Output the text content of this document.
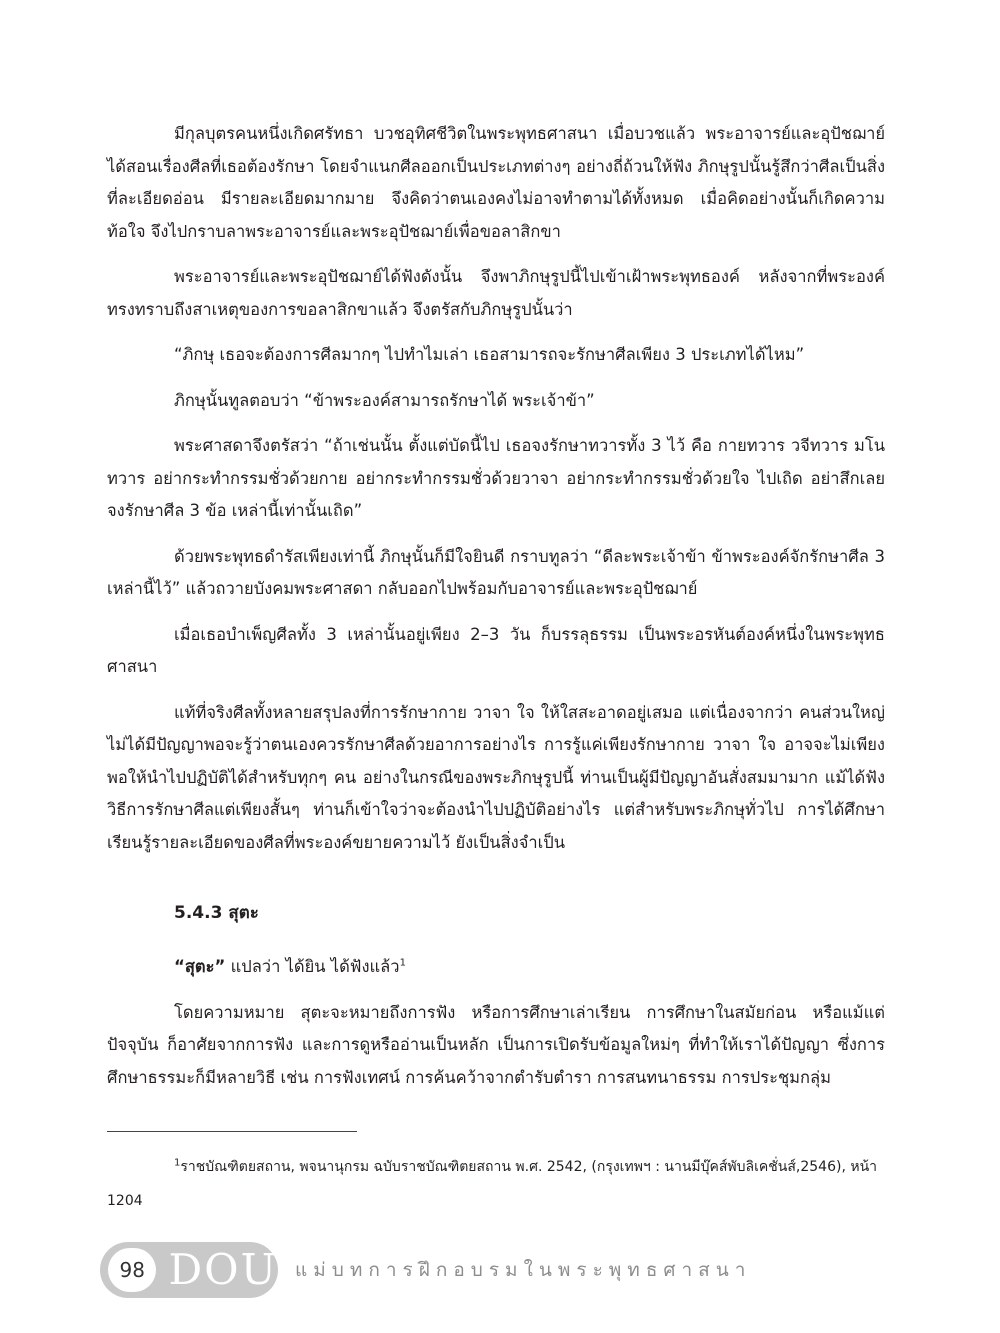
มีกุลบุตรคนหนึ่งเกิดศรัทธา บวชอุทิศชีวิตในพระพุทธศาสนา เมื่อบวชแล้ว พระอาจารย์และอุปัชฌาย์ได้สอนเรื่องศีลที่เธอต้องรักษา โดยจำแนกศีลออกเป็นประเภทต่างๆ อย่างถี่ถ้วนให้ฟัง ภิกษุรูปนั้นรู้สึกว่าศีลเป็นสิ่งที่ละเอียดอ่อน มีรายละเอียดมากมาย จึงคิดว่าตนเองคงไม่อาจทำตามได้ทั้งหมด เมื่อคิดอย่างนั้นก็เกิดความท้อใจ จึงไปกราบลาพระอาจารย์และพระอุปัชฌาย์เพื่อขอลาสิกขา

พระอาจารย์และพระอุปัชฌาย์ได้ฟังดังนั้น จึงพาภิกษุรูปนี้ไปเข้าเฝ้าพระพุทธองค์ หลังจากที่พระองค์ทรงทราบถึงสาเหตุของการขอลาสิกขาแล้ว จึงตรัสกับภิกษุรูปนั้นว่า

“ภิกษุ เธอจะต้องการศีลมากๆ ไปทำไมเล่า เธอสามารถจะรักษาศีลเพียง 3 ประเภทได้ไหม”

ภิกษุนั้นทูลตอบว่า “ข้าพระองค์สามารถรักษาได้ พระเจ้าข้า”

พระศาสดาจึงตรัสว่า “ถ้าเช่นนั้น ตั้งแต่บัดนี้ไป เธอจงรักษาทวารทั้ง 3 ไว้ คือ กายทวาร วจีทวาร มโนทวาร อย่ากระทำกรรมชั่วด้วยกาย อย่ากระทำกรรมชั่วด้วยวาจา อย่ากระทำกรรมชั่วด้วยใจ ไปเถิด อย่าสึกเลย จงรักษาศีล 3 ข้อ เหล่านี้เท่านั้นเถิด”

ด้วยพระพุทธดำรัสเพียงเท่านี้ ภิกษุนั้นก็มีใจยินดี กราบทูลว่า “ดีละพระเจ้าข้า ข้าพระองค์จักรักษาศีล 3 เหล่านี้ไว้” แล้วถวายบังคมพระศาสดา กลับออกไปพร้อมกับอาจารย์และพระอุปัชฌาย์

เมื่อเธอบำเพ็ญศีลทั้ง 3 เหล่านั้นอยู่เพียง 2–3 วัน ก็บรรลุธรรม เป็นพระอรหันต์องค์หนึ่งในพระพุทธศาสนา

แท้ที่จริงศีลทั้งหลายสรุปลงที่การรักษากาย วาจา ใจ ให้ใสสะอาดอยู่เสมอ แต่เนื่องจากว่า คนส่วนใหญ่ไม่ได้มีปัญญาพอจะรู้ว่าตนเองควรรักษาศีลด้วยอาการอย่างไร การรู้แค่เพียงรักษากาย วาจา ใจ อาจจะไม่เพียงพอให้นำไปปฏิบัติได้สำหรับทุกๆ คน อย่างในกรณีของพระภิกษุรูปนี้ ท่านเป็นผู้มีปัญญาอันสั่งสมมามาก แม้ได้ฟังวิธีการรักษาศีลแต่เพียงสั้นๆ ท่านก็เข้าใจว่าจะต้องนำไปปฏิบัติอย่างไร แต่สำหรับพระภิกษุทั่วไป การได้ศึกษาเรียนรู้รายละเอียดของศีลที่พระองค์ขยายความไว้ ยังเป็นสิ่งจำเป็น

5.4.3 สุตะ

“สุตะ” แปลว่า ได้ยิน ได้ฟังแล้ว$^1$

โดยความหมาย สุตะจะหมายถึงการฟัง หรือการศึกษาเล่าเรียน การศึกษาในสมัยก่อน หรือแม้แต่ปัจจุบัน ก็อาศัยจากการฟัง และการดูหรืออ่านเป็นหลัก เป็นการเปิดรับข้อมูลใหม่ๆ ที่ทำให้เราได้ปัญญา ซึ่งการศึกษาธรรมะก็มีหลายวิธี เช่น การฟังเทศน์ การค้นคว้าจากตำรับตำรา การสนทนาธรรม การประชุมกลุ่ม

$^1$ราชบัณฑิตยสถาน, พจนานุกรม ฉบับราชบัณฑิตยสถาน พ.ศ. 2542, (กรุงเทพฯ : นานมีบุ๊คส์พับลิเคชั่นส์,2546), หน้า 1204
98 DOU แม่บทการฝึกอบรมในพระพุทธศาสนา
